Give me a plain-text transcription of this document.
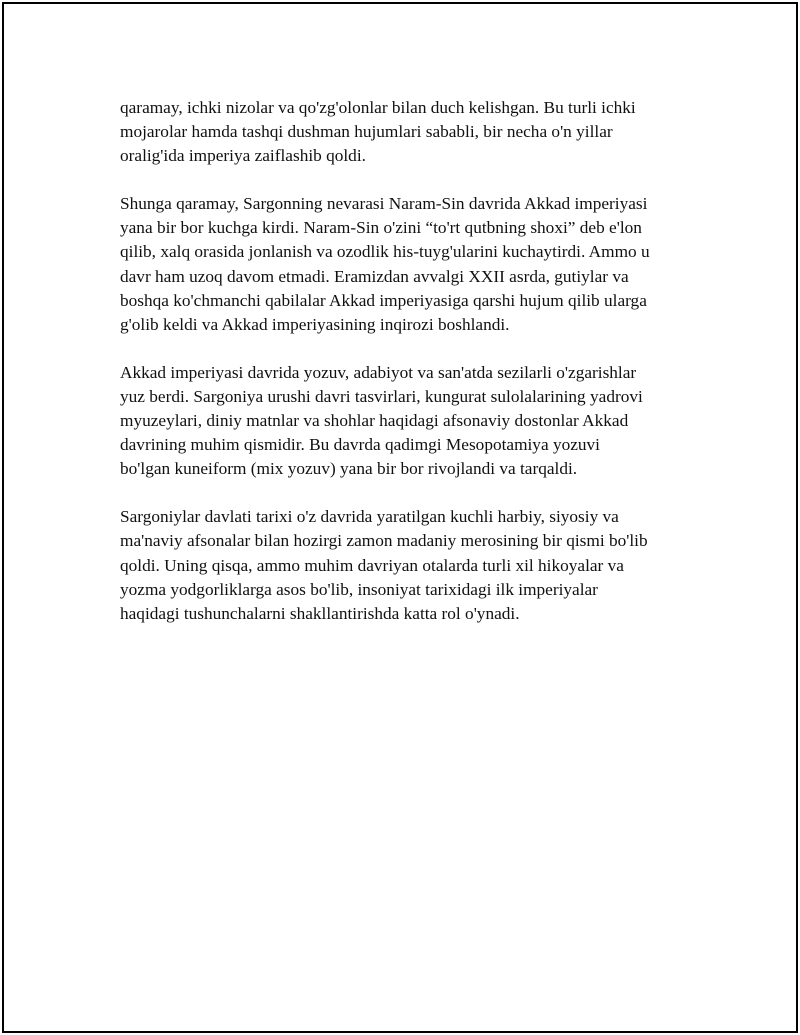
qaramay, ichki nizolar va qo'zg'olonlar bilan duch kelishgan. Bu turli ichki
mojarolar hamda tashqi dushman hujumlari sababli, bir necha o'n yillar
oralig'ida imperiya zaiflashib qoldi.

Shunga qaramay, Sargonning nevarasi Naram-Sin davrida Akkad imperiyasi
yana bir bor kuchga kirdi. Naram-Sin o'zini “to'rt qutbning shoxi” deb e'lon
qilib, xalq orasida jonlanish va ozodlik his-tuyg'ularini kuchaytirdi. Ammo u
davr ham uzoq davom etmadi. Eramizdan avvalgi XXII asrda, gutiylar va
boshqa ko'chmanchi qabilalar Akkad imperiyasiga qarshi hujum qilib ularga
g'olib keldi va Akkad imperiyasining inqirozi boshlandi.

Akkad imperiyasi davrida yozuv, adabiyot va san'atda sezilarli o'zgarishlar
yuz berdi. Sargoniya urushi davri tasvirlari, kungurat sulolalarining yadrovi
myuzeylari, diniy matnlar va shohlar haqidagi afsonaviy dostonlar Akkad
davrining muhim qismidir. Bu davrda qadimgi Mesopotamiya yozuvi
bo'lgan kuneiform (mix yozuv) yana bir bor rivojlandi va tarqaldi.

Sargoniylar davlati tarixi o'z davrida yaratilgan kuchli harbiy, siyosiy va
ma'naviy afsonalar bilan hozirgi zamon madaniy merosining bir qismi bo'lib
qoldi. Uning qisqa, ammo muhim davriyan otalarda turli xil hikoyalar va
yozma yodgorliklarga asos bo'lib, insoniyat tarixidagi ilk imperiyalar
haqidagi tushunchalarni shakllantirishda katta rol o'ynadi.
